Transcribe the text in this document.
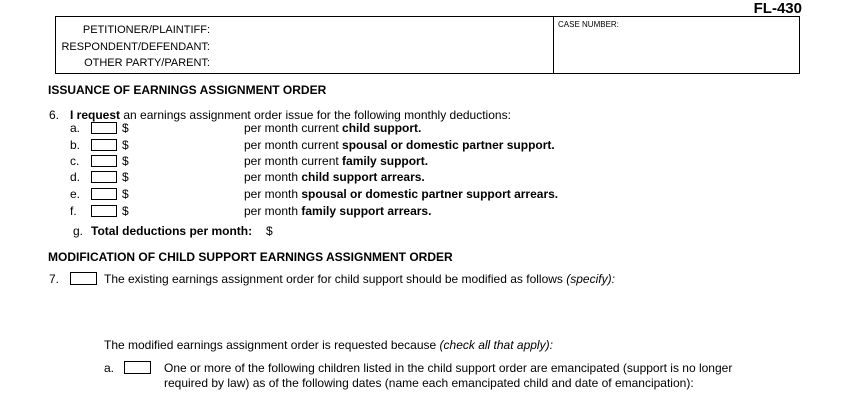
FL-430
PETITIONER/PLAINTIFF:
RESPONDENT/DEFENDANT:
OTHER PARTY/PARENT:
CASE NUMBER:
ISSUANCE OF EARNINGS ASSIGNMENT ORDER
6. I request an earnings assignment order issue for the following monthly deductions:
a.	$	per month current child support.
b.	$	per month current spousal or domestic partner support.
c.	$	per month current family support.
d.	$	per month child support arrears.
e.	$	per month spousal or domestic partner support arrears.
f.	$	per month family support arrears.
g. Total deductions per month: $
MODIFICATION OF CHILD SUPPORT EARNINGS ASSIGNMENT ORDER
7.	The existing earnings assignment order for child support should be modified as follows (specify):
The modified earnings assignment order is requested because (check all that apply):
a.	One or more of the following children listed in the child support order are emancipated (support is no longer
required by law) as of the following dates (name each emancipated child and date of emancipation):
